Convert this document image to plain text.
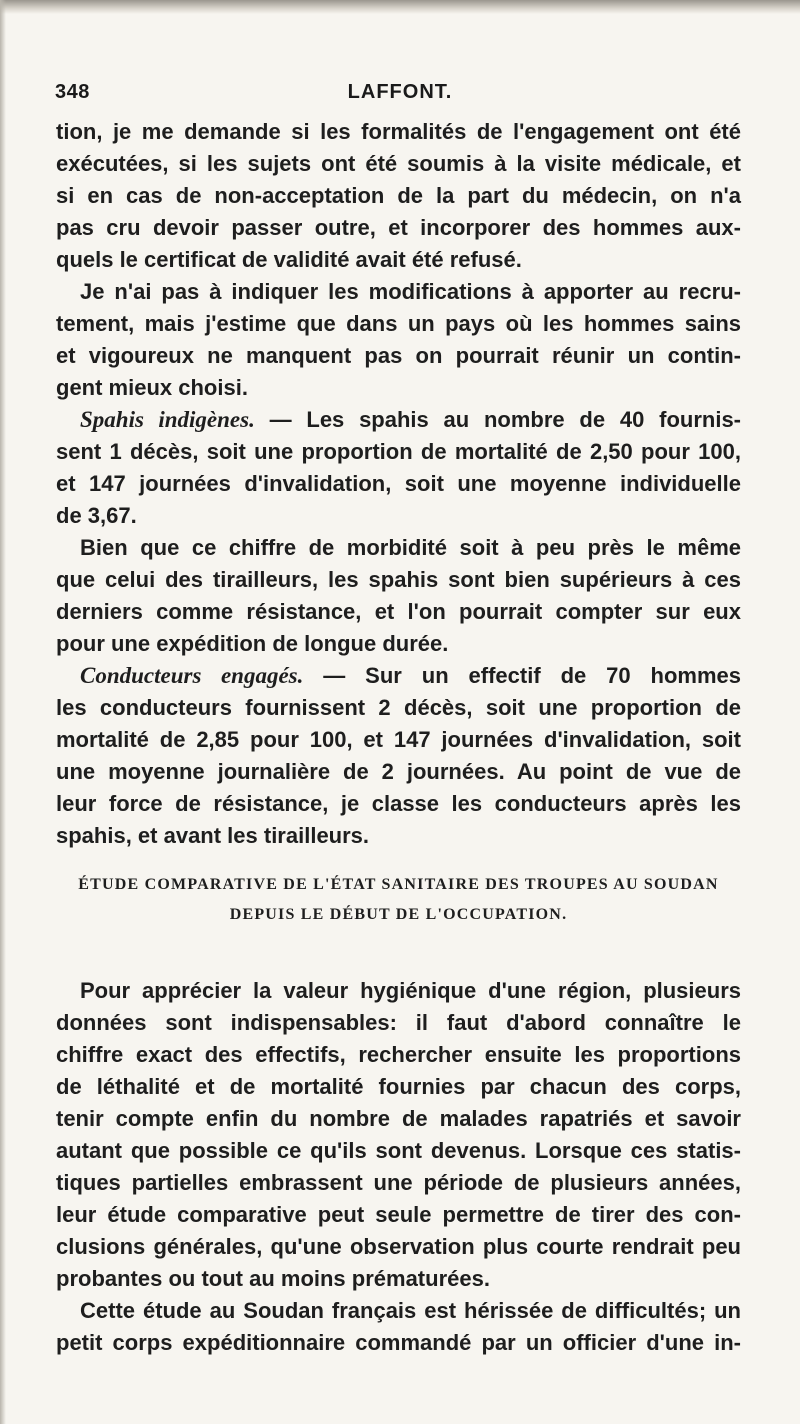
348	LAFFONT.
tion, je me demande si les formalités de l'engagement ont été
exécutées, si les sujets ont été soumis à la visite médicale, et
si en cas de non-acceptation de la part du médecin, on n'a
pas cru devoir passer outre, et incorporer des hommes aux-
quels le certificat de validité avait été refusé.
Je n'ai pas à indiquer les modifications à apporter au recru-
tement, mais j'estime que dans un pays où les hommes sains
et vigoureux ne manquent pas on pourrait réunir un contin-
gent mieux choisi.
Spahis indigènes. — Les spahis au nombre de 40 fournis-
sent 1 décès, soit une proportion de mortalité de 2,50 pour 100,
et 147 journées d'invalidation, soit une moyenne individuelle
de 3,67.
Bien que ce chiffre de morbidité soit à peu près le même
que celui des tirailleurs, les spahis sont bien supérieurs à ces
derniers comme résistance, et l'on pourrait compter sur eux
pour une expédition de longue durée.
Conducteurs engagés. — Sur un effectif de 70 hommes
les conducteurs fournissent 2 décès, soit une proportion de
mortalité de 2,85 pour 100, et 147 journées d'invalidation, soit
une moyenne journalière de 2 journées. Au point de vue de
leur force de résistance, je classe les conducteurs après les
spahis, et avant les tirailleurs.
ÉTUDE COMPARATIVE DE L'ÉTAT SANITAIRE DES TROUPES AU SOUDAN
DEPUIS LE DÉBUT DE L'OCCUPATION.
Pour apprécier la valeur hygiénique d'une région, plusieurs
données sont indispensables: il faut d'abord connaître le
chiffre exact des effectifs, rechercher ensuite les proportions
de léthalité et de mortalité fournies par chacun des corps,
tenir compte enfin du nombre de malades rapatriés et savoir
autant que possible ce qu'ils sont devenus. Lorsque ces statis-
tiques partielles embrassent une période de plusieurs années,
leur étude comparative peut seule permettre de tirer des con-
clusions générales, qu'une observation plus courte rendrait peu
probantes ou tout au moins prématurées.
Cette étude au Soudan français est hérissée de difficultés; un
petit corps expéditionnaire commandé par un officier d'une in-
